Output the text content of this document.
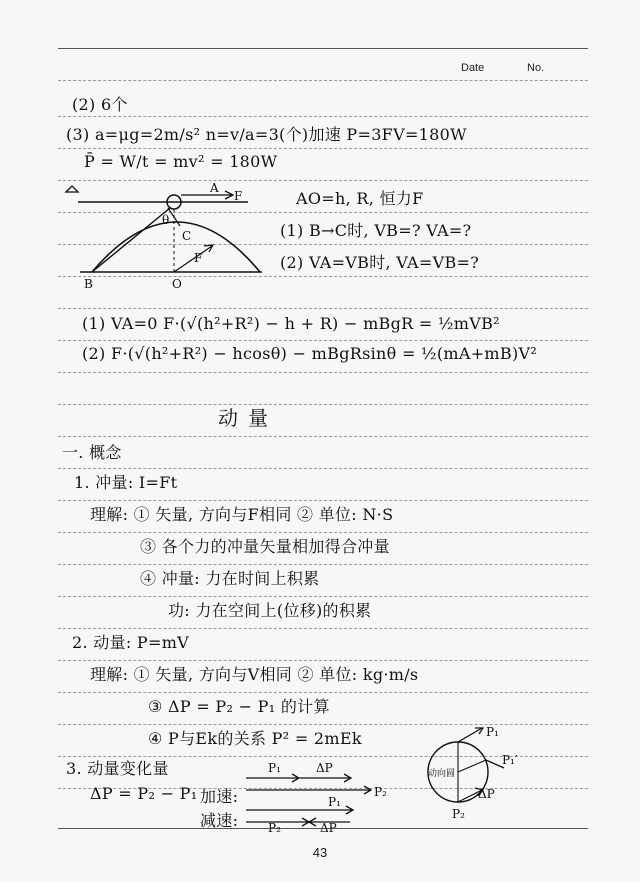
Date	No.
(2) 6个
(3) a=μg=2m/s² n=v/a=3(个)加速 P=3FV=180W
P̄ = W/t = mv² = 180W
A
F
θ
C
F
B	O
AO=h, R, 恒力F
(1) B→C时, VB=? VA=?
(2) VA=VB时, VA=VB=?
(1) VA=0 F·(√(h²+R²) − h + R) − mBgR = ½mVB²
(2) F·(√(h²+R²) − hcosθ) − mBgRsinθ = ½(mA+mB)V²
动量
一. 概念
1. 冲量: I=Ft
理解: ① 矢量, 方向与F相同 ② 单位: N·S
③ 各个力的冲量矢量相加得合冲量
④ 冲量: 力在时间上积累
功: 力在空间上(位移)的积累
2. 动量: P=mV
理解: ① 矢量, 方向与V相同 ② 单位: kg·m/s
③ ΔP = P₂ − P₁ 的计算
④ P与Ek的关系 P² = 2mEk
3. 动量变化量
ΔP = P₂ − P₁ 加速:
减速:
P₁	ΔP
P₂
P₁
P₂	ΔP
P₁
P₁′
P₂
ΔP
动向圆
43
